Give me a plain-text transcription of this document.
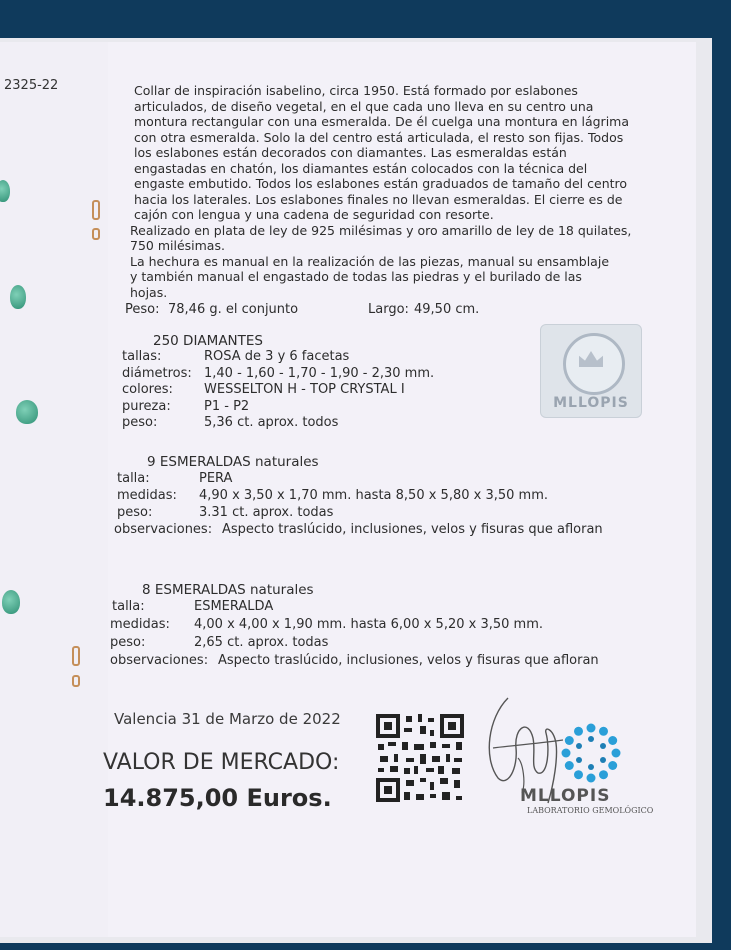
2325-22	Collar de inspiración isabelino, circa 1950. Está formado por eslabones
articulados, de diseño vegetal, en el que cada uno lleva en su centro una
montura rectangular con una esmeralda. De él cuelga una montura en lágrima
con otra esmeralda. Solo la del centro está articulada, el resto son fijas. Todos
los eslabones están decorados con diamantes. Las esmeraldas están
engastadas en chatón, los diamantes están colocados con la técnica del
engaste embutido. Todos los eslabones están graduados de tamaño del centro
hacia los laterales. Los eslabones finales no llevan esmeraldas. El cierre es de
cajón con lengua y una cadena de seguridad con resorte.
Realizado en plata de ley de 925 milésimas y oro amarillo de ley de 18 quilates,
750 milésimas.
La hechura es manual en la realización de las piezas, manual su ensamblaje
y también manual el engastado de todas las piedras y el burilado de las
hojas.
Peso: 78,46 g. el conjunto	Largo: 49,50 cm.
250 DIAMANTES
tallas:	ROSA de 3 y 6 facetas
diámetros: 1,40 - 1,60 - 1,70 - 1,90 - 2,30 mm.
colores: WESSELTON H - TOP CRYSTAL I
pureza:	P1 - P2
peso:	5,36 ct. aprox. todos
MLLOPIS
9 ESMERALDAS naturales
talla:	PERA
medidas: 4,90 x 3,50 x 1,70 mm. hasta 8,50 x 5,80 x 3,50 mm.
peso:	3.31 ct. aprox. todas
observaciones: Aspecto traslúcido, inclusiones, velos y fisuras que afloran
8 ESMERALDAS naturales
talla:	ESMERALDA
medidas: 4,00 x 4,00 x 1,90 mm. hasta 6,00 x 5,20 x 3,50 mm.
peso:	2,65 ct. aprox. todas
observaciones: Aspecto traslúcido, inclusiones, velos y fisuras que afloran
Valencia 31 de Marzo de 2022
VALOR DE MERCADO:
14.875,00 Euros.	MLLOPIS
LABORATORIO GEMOLÓGICO
